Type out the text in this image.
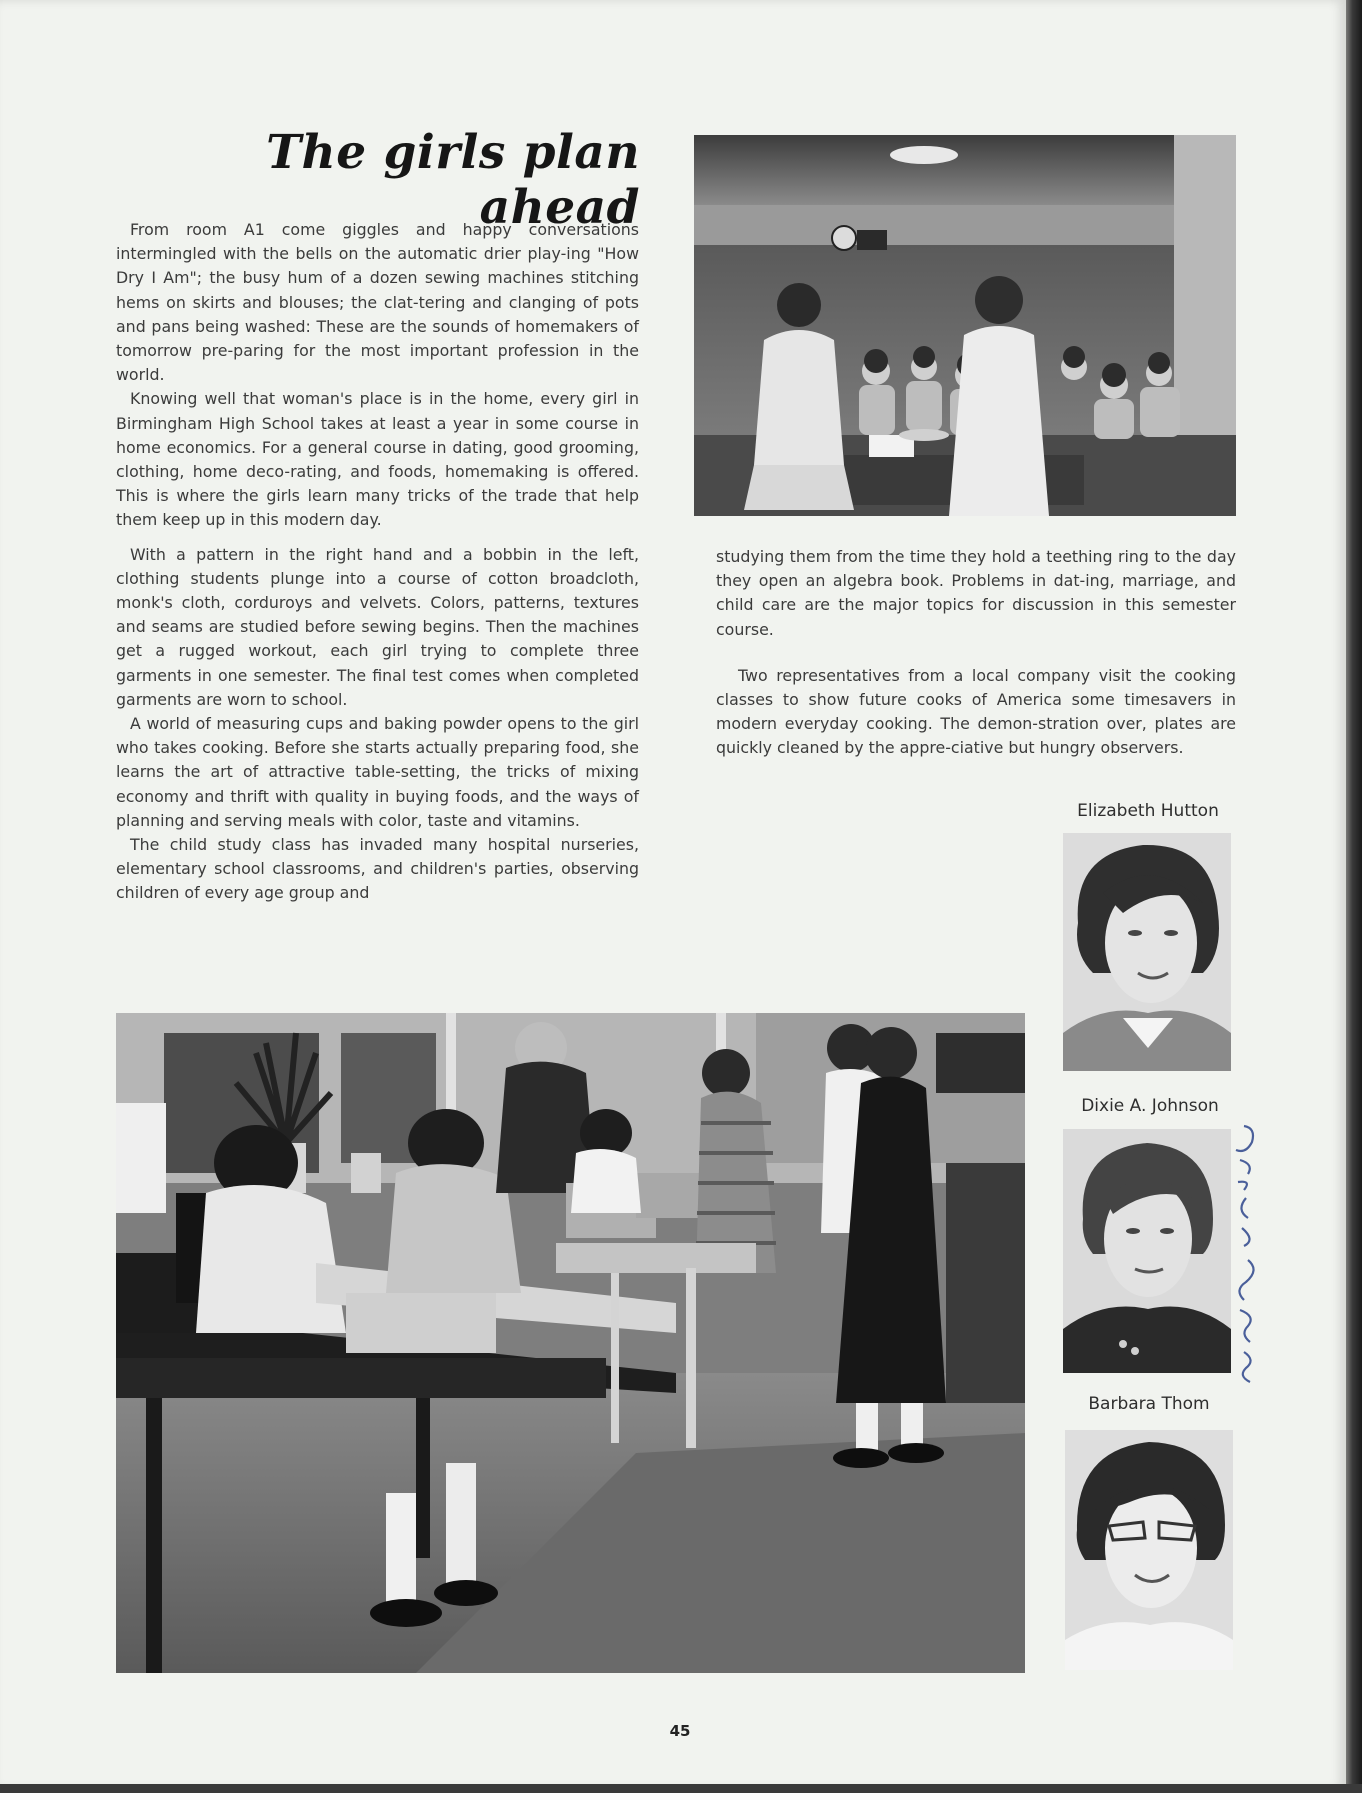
The girls plan ahead

From room A1 come giggles and happy conversations intermingled with the bells on the automatic drier play-ing "How Dry I Am"; the busy hum of a dozen sewing machines stitching hems on skirts and blouses; the clat-tering and clanging of pots and pans being washed: These are the sounds of homemakers of tomorrow pre-paring for the most important profession in the world.

Knowing well that woman's place is in the home, every girl in Birmingham High School takes at least a year in some course in home economics. For a general course in dating, good grooming, clothing, home deco-rating, and foods, homemaking is offered. This is where the girls learn many tricks of the trade that help them keep up in this modern day.

With a pattern in the right hand and a bobbin in the left, clothing students plunge into a course of cotton broadcloth, monk's cloth, corduroys and velvets. Colors, patterns, textures and seams are studied before sewing begins. Then the machines get a rugged workout, each girl trying to complete three garments in one semester. The final test comes when completed garments are worn to school.

A world of measuring cups and baking powder opens to the girl who takes cooking. Before she starts actually preparing food, she learns the art of attractive table-setting, the tricks of mixing economy and thrift with quality in buying foods, and the ways of planning and serving meals with color, taste and vitamins.

The child study class has invaded many hospital nurseries, elementary school classrooms, and children's parties, observing children of every age group and

studying them from the time they hold a teething ring to the day they open an algebra book. Problems in dat-ing, marriage, and child care are the major topics for discussion in this semester course.

Two representatives from a local company visit the cooking classes to show future cooks of America some timesavers in modern everyday cooking. The demon-stration over, plates are quickly cleaned by the appre-ciative but hungry observers.

Elizabeth Hutton
Dixie A. Johnson
Barbara Thom
45
